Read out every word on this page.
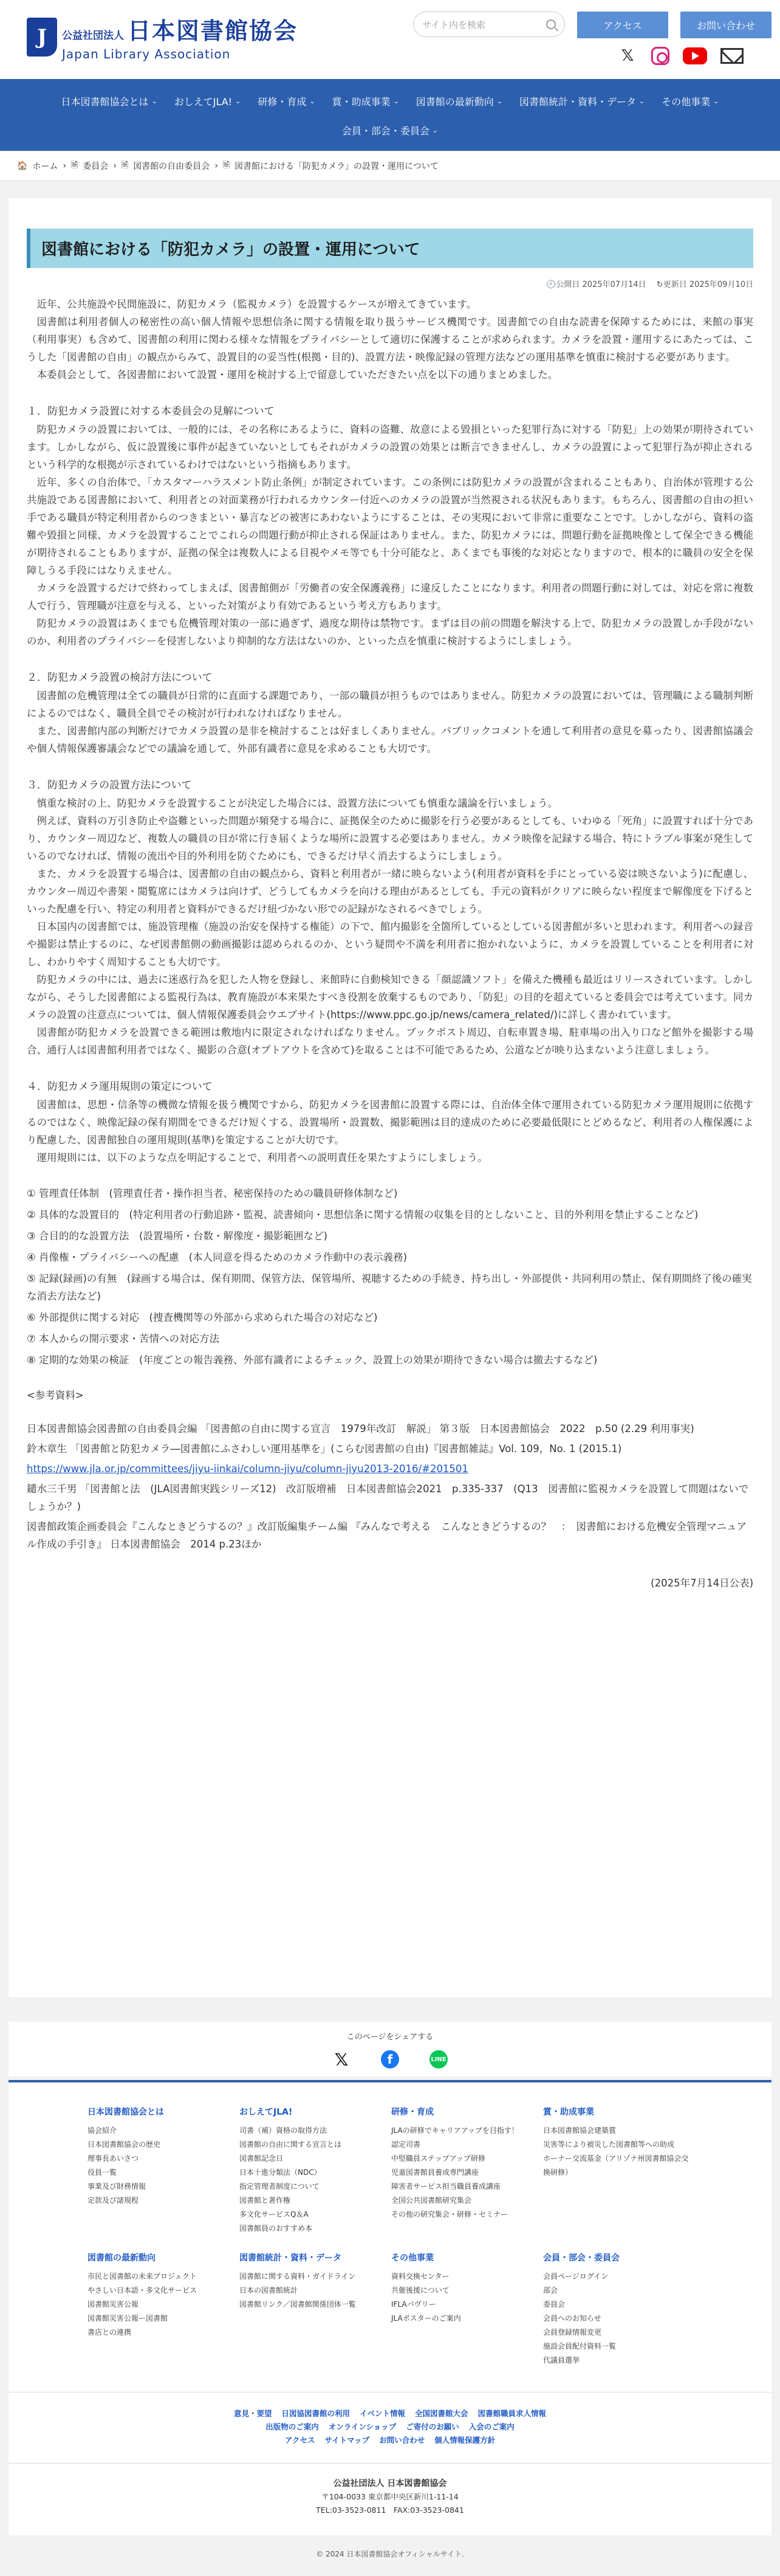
J	公益社団法人 日本図書館協会
Japan Library Association
サイト内を検索	アクセス	お問い合わせ
𝕏
日本図書館協会とは ⌄ おしえてJLA! ⌄ 研修・育成 ⌄ 賞・助成事業 ⌄ 図書館の最新動向 ⌄ 図書館統計・資料・データ ⌄ その他事業 ⌄
会員・部会・委員会 ⌄
🏠 ホーム › 🗎 委員会 › 🗎 図書館の自由委員会 › 🗎 図書館における「防犯カメラ」の設置・運用について
図書館における「防犯カメラ」の設置・運用について
🕘公開日 2025年07月14日　 ↻更新日 2025年09月10日

近年、公共施設や民間施設に、防犯カメラ（監視カメラ）を設置するケースが増えてきています。

図書館は利用者個人の秘密性の高い個人情報や思想信条に関する情報を取り扱うサービス機関です。図書館での自由な読書を保障するためには、来館の事実（利用事実）も含めて、図書館の利用に関わる様々な情報をプライバシーとして適切に保護することが求められます。カメラを設置・運用するにあたっては、こうした「図書館の自由」の観点からみて、設置目的の妥当性(根拠・目的)、設置方法・映像記録の管理方法などの運用基準を慎重に検討する必要があります。

本委員会として、各図書館において設置・運用を検討する上で留意していただきたい点を以下の通りまとめました。

１．防犯カメラ設置に対する本委員会の見解について

防犯カメラの設置においては、一般的には、その名称にあるように、資料の盗難、故意による毀損といった犯罪行為に対する「防犯」上の効果が期待されています。しかしながら、仮に設置後に事件が起きていないとしてもそれがカメラの設置の効果とは断言できませんし、カメラの設置によって犯罪行為が抑止されるという科学的な根拠が示されているわけではないという指摘もあります。

近年、多くの自治体で、「カスタマーハラスメント防止条例」が制定されています。この条例には防犯カメラの設置が含まれることもあり、自治体が管理する公共施設である図書館において、利用者との対面業務が行われるカウンター付近へのカメラの設置が当然視される状況もあります。もちろん、図書館の自由の担い手である職員が特定利用者からのつきまとい・暴言などの被害にあわないようにすることは、その実現において非常に重要なことです。しかしながら、資料の盗難や毀損と同様、カメラを設置することでこれらの問題行動が抑止される保証はありません。また、防犯カメラには、問題行動を証拠映像として保全できる機能が期待されることもありますが、証拠の保全は複数人による目視やメモ等でも十分可能なと、あくまでも事後的な対応となりますので、根本的に職員の安全を保障しうる手段にはなりえません。

カメラを設置するだけで終わってしまえば、図書館側が「労働者の安全保護義務」に違反したことになります。利用者の問題行動に対しては、対応を常に複数人で行う、管理職が注意を与える、といった対策がより有効であるという考え方もあります。

防犯カメラの設置はあくまでも危機管理対策の一部に過ぎず、過度な期待は禁物です。まずは目の前の問題を解決する上で、防犯カメラの設置しか手段がないのか、利用者のプライバシーを侵害しないより抑制的な方法はないのか、といった点を慎重に検討するようにしましょう。

２．防犯カメラ設置の検討方法について

図書館の危機管理は全ての職員が日常的に直面する課題であり、一部の職員が担うものではありません。防犯カメラの設置においては、管理職による職制判断によるのではなく、職員全員でその検討が行われなければなりません。

また、図書館内部の判断だけでカメラ設置の是非を検討することは好ましくありません。パブリックコメントを通して利用者の意見を募ったり、図書館協議会や個人情報保護審議会などでの議論を通して、外部有識者に意見を求めることも大切です。

３．防犯カメラの設置方法について

慎重な検討の上、防犯カメラを設置することが決定した場合には、設置方法についても慎重な議論を行いましょう。

例えば、資料の万引き防止や盗難といった問題が頻発する場合に、証拠保全のために撮影を行う必要があるとしても、いわゆる「死角」に設置すれば十分であり、カウンター周辺など、複数人の職員の目が常に行き届くような場所に設置する必要はありません。カメラ映像を記録する場合、特にトラブル事案が発生しているのでなければ、情報の流出や目的外利用を防ぐためにも、できるだけ早く消去するようにしましょう。

また、カメラを設置する場合は、図書館の自由の観点から、資料と利用者が一緒に映らないよう(利用者が資料を手にとっている姿は映さないよう)に配慮し、カウンター周辺や書架・閲覧席にはカメラは向けず、どうしてもカメラを向ける理由があるとしても、手元の資料がクリアに映らない程度まで解像度を下げるといった配慮を行い、特定の利用者と資料ができるだけ紐づかない形での記録がなされるべきでしょう。

日本国内の図書館では、施設管理権（施設の治安を保持する権能）の下で、館内撮影を全箇所しているとしている図書館が多いと思われます。利用者への録音や撮影は禁止するのに、なぜ図書館側の動画撮影は認められるのか、という疑問や不満を利用者に抱かれないように、カメラを設置していることを利用者に対し、わかりやすく周知することも大切です。

防犯カメラの中には、過去に迷惑行為を犯した人物を登録し、来館時に自動検知できる「顔認識ソフト」を備えた機種も最近はリリースされています。しかしながら、そうした図書館による監視行為は、教育施設が本来果たすべき役割を放棄するものであり、「防犯」の目的を超えていると委員会では考えています。同カメラの設置の注意点については、個人情報保護委員会ウエブサイト(https://www.ppc.go.jp/news/camera_related/)に詳しく書かれています。

図書館が防犯カメラを設置できる範囲は敷地内に限定されなければなりません。ブックポスト周辺、自転車置き場、駐車場の出入り口など館外を撮影する場合、通行人は図書館利用者ではなく、撮影の合意(オプトアウトを含めて)を取ることは不可能であるため、公道などが映り込まないよう注意しましょう。

４．防犯カメラ運用規則の策定について

図書館は、思想・信条等の機微な情報を扱う機関ですから、防犯カメラを図書館に設置する際には、自治体全体で運用されている防犯カメラ運用規則に依拠するのではなく、映像記録の保有期間をできるだけ短くする、設置場所・設置数、撮影範囲は目的達成のために必要最低限にとどめるなど、利用者の人権保護により配慮した、図書館独自の運用規則(基準)を策定することが大切です。

運用規則には、以下のような点を明記することで、利用者への説明責任を果たすようにしましょう。

① 管理責任体制　(管理責任者・操作担当者、秘密保持のための職員研修体制など)
② 具体的な設置目的　(特定利用者の行動追跡・監視、読書傾向・思想信条に関する情報の収集を目的としないこと、目的外利用を禁止することなど)
③ 合目的的な設置方法　(設置場所・台数・解像度・撮影範囲など)
④ 肖像権・プライバシーへの配慮　(本人同意を得るためのカメラ作動中の表示義務)
⑤ 記録(録画)の有無　(録画する場合は、保有期間、保管方法、保管場所、視聴するための手続き、持ち出し・外部提供・共同利用の禁止、保有期間終了後の確実な消去方法など)
⑥ 外部提供に関する対応　(捜査機関等の外部から求められた場合の対応など)
⑦ 本人からの開示要求・苦情への対応方法
⑧ 定期的な効果の検証　(年度ごとの報告義務、外部有識者によるチェック、設置上の効果が期待できない場合は撤去するなど)
<参考資料>
日本図書館協会図書館の自由委員会編 「図書館の自由に関する宣言　1979年改訂　解説」 第３版　日本図書館協会　2022　p.50 (2.29 利用事実)
鈴木章生 「図書館と防犯カメラ―図書館にふさわしい運用基準を」(こらむ図書館の自由)『図書館雑誌』Vol. 109，No. 1 (2015.1)
https://www.jla.or.jp/committees/jiyu-iinkai/column-jiyu/column-jiyu2013-2016/#201501
鑓水三千男 「図書館と法　(JLA図書館実践シリーズ12)　改訂版増補　日本図書館協会2021　p.335-337　(Q13　図書館に監視カメラを設置して問題はないでしょうか？)
図書館政策企画委員会『こんなときどうするの？』改訂版編集チーム編 『みんなで考える　こんなときどうするの？　：　図書館における危機安全管理マニュアル作成の手引き』 日本図書館協会　2014 p.23ほか
(2025年7月14日公表)
このページをシェアする
𝕏	f	LINE
日本図書館協会とは
協会紹介
日本図書館協会の歴史
理事長あいさつ
役員一覧
事業及び財務情報
定款及び諸規程
おしえてJLA!
司書（補）資格の取得方法
図書館の自由に関する宣言とは
図書館記念日
日本十進分類法（NDC）
指定管理者制度について
図書館と著作権
多文化サービスQ＆A
図書館員のおすすめ本
研修・育成
JLAの研修でキャリアアップを目指す！
認定司書
中堅職員ステップアップ研修
児童図書館員養成専門講座
障害者サービス担当職員養成講座
全国公共図書館研究集会
その他の研究集会・研修・セミナー
賞・助成事業
日本図書館協会建築賞
災害等により被災した図書館等への助成
ホーナー交流基金（アリゾナ州図書館協会交換研修）
図書館の最新動向
市民と図書館の未来プロジェクト
やさしい日本語・多文化サービス
図書館災害公報
図書館災害公報ー図書館
書店との連携
図書館統計・資料・データ
図書館に関する資料・ガイドライン
日本の図書館統計
図書館リンク／図書館関係団体一覧
その他事業
資料交換センター
共催後援について
IFLAパヴリー
JLAポスターのご案内
会員・部会・委員会
会員ページログイン
部会
委員会
会員へのお知らせ
会員登録情報変更
施設会員配付資料一覧
代議員選挙
意見・要望 日図協図書館の利用 イベント情報 全国図書館大会 図書館職員求人情報
出版物のご案内 オンラインショップ ご寄付のお願い 入会のご案内
アクセス サイトマップ お問い合わせ 個人情報保護方針
公益社団法人 日本図書館協会
〒104-0033 東京都中央区新川1-11-14
TEL:03-3523-0811　FAX:03-3523-0841
© 2024 日本図書館協会オフィシャルサイト.
